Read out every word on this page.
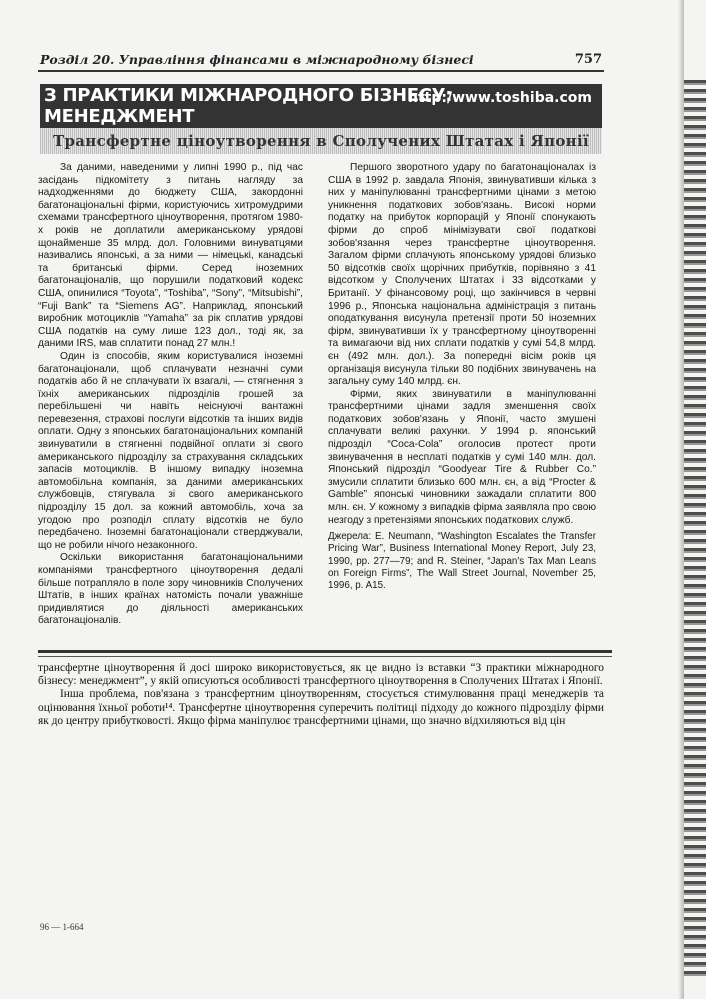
Розділ 20. Управління фінансами в міжнародному бізнесі	757
З ПРАКТИКИ МІЖНАРОДНОГО БІЗНЕСУ:
МЕНЕДЖМЕНТ
http:/www.toshiba.com
Трансфертне ціноутворення в Сполучених Штатах і Японії

За даними, наведеними у липні 1990 р., під час засідань підкомітету з питань нагляду за надходженнями до бюджету США, закордонні багатонаціональні фірми, користуючись хитромудрими схемами трансфертного ціноутворення, протягом 1980-х років не доплатили американському урядові щонайменше 35 млрд. дол. Головними винуватцями називались японські, а за ними — німецькі, канадські та британські фірми. Серед іноземних багатонаціоналів, що порушили податковий кодекс США, опинилися “Toyota”, “Toshiba”, “Sony”, “Mitsubishi”, “Fuji Bank” та “Siemens AG”. Наприклад, японський виробник мотоциклів “Yamaha” за рік сплатив урядові США податків на суму лише 123 дол., тоді як, за даними IRS, мав сплатити понад 27 млн.!

Один із способів, яким користувалися іноземні багатонаціонали, щоб сплачувати незначні суми податків або й не сплачувати їх взагалі, — стягнення з їхніх американських підрозділів грошей за перебільшені чи навіть неіснуючі вантажні перевезення, страхові послуги відсотків та інших видів оплати. Одну з японських багатонаціональних компаній звинуватили в стягненні подвійної оплати зі свого американського підрозділу за страхування складських запасів мотоциклів. В іншому випадку іноземна автомобільна компанія, за даними американських службовців, стягувала зі свого американського підрозділу 15 дол. за кожний автомобіль, хоча за угодою про розподіл сплату відсотків не було передбачено. Іноземні багатонаціонали стверджували, що не робили нічого незаконного.

Оскільки використання багатонаціональними компаніями трансфертного ціноутворення дедалі більше потрапляло в поле зору чиновників Сполучених Штатів, в інших країнах натомість почали уважніше придивлятися до діяльності американських багатонаціоналів.

Першого зворотного удару по багатонаціоналах із США в 1992 р. завдала Японія, звинувативши кілька з них у маніпулюванні трансфертними цінами з метою уникнення податкових зобов'язань. Високі норми податку на прибуток корпорацій у Японії спонукають фірми до спроб мінімізувати свої податкові зобов'язання через трансфертне ціноутворення. Загалом фірми сплачують японському урядові близько 50 відсотків своїх щорічних прибутків, порівняно з 41 відсотком у Сполучених Штатах і 33 відсотками у Британії. У фінансовому році, що закінчився в червні 1996 р., Японська національна адміністрація з питань оподаткування висунула претензії проти 50 іноземних фірм, звинувативши їх у трансфертному ціноутворенні та вимагаючи від них сплати податків у сумі 54,8 млрд. єн (492 млн. дол.). За попередні вісім років ця організація висунула тільки 80 подібних звинувачень на загальну суму 140 млрд. єн.

Фірми, яких звинуватили в маніпулюванні трансфертними цінами задля зменшення своїх податкових зобов'язань у Японії, часто змушені сплачувати великі рахунки. У 1994 р. японський підрозділ “Coca-Cola” оголосив протест проти звинувачення в несплаті податків у сумі 140 млн. дол. Японський підрозділ “Goodyear Tire & Rubber Co.” змусили сплатити близько 600 млн. єн, а від “Procter & Gamble” японські чиновники зажадали сплатити 800 млн. єн. У кожному з випадків фірма заявляла про свою незгоду з претензіями японських податкових служб.

Джерела: E. Neumann, “Washington Escalates the Transfer Pricing War”, Business International Money Report, July 23, 1990, pp. 277—79; and R. Steiner, “Japan's Tax Man Leans on Foreign Firms”, The Wall Street Journal, November 25, 1996, p. A15.

трансфертне ціноутворення й досі широко використовується, як це видно із вставки “З практики міжнародного бізнесу: менеджмент”, у якій описуються особливості трансфертного ціноутворення в Сполучених Штатах і Японії.

Інша проблема, пов'язана з трансфертним ціноутворенням, стосується стимулювання праці менеджерів та оцінювання їхньої роботи¹⁴. Трансфертне ціноутворення суперечить політиці підходу до кожного підрозділу фірми як до центру прибутковості. Якщо фірма маніпулює трансфертними цінами, що значно відхиляються від цін

96 — 1-664
